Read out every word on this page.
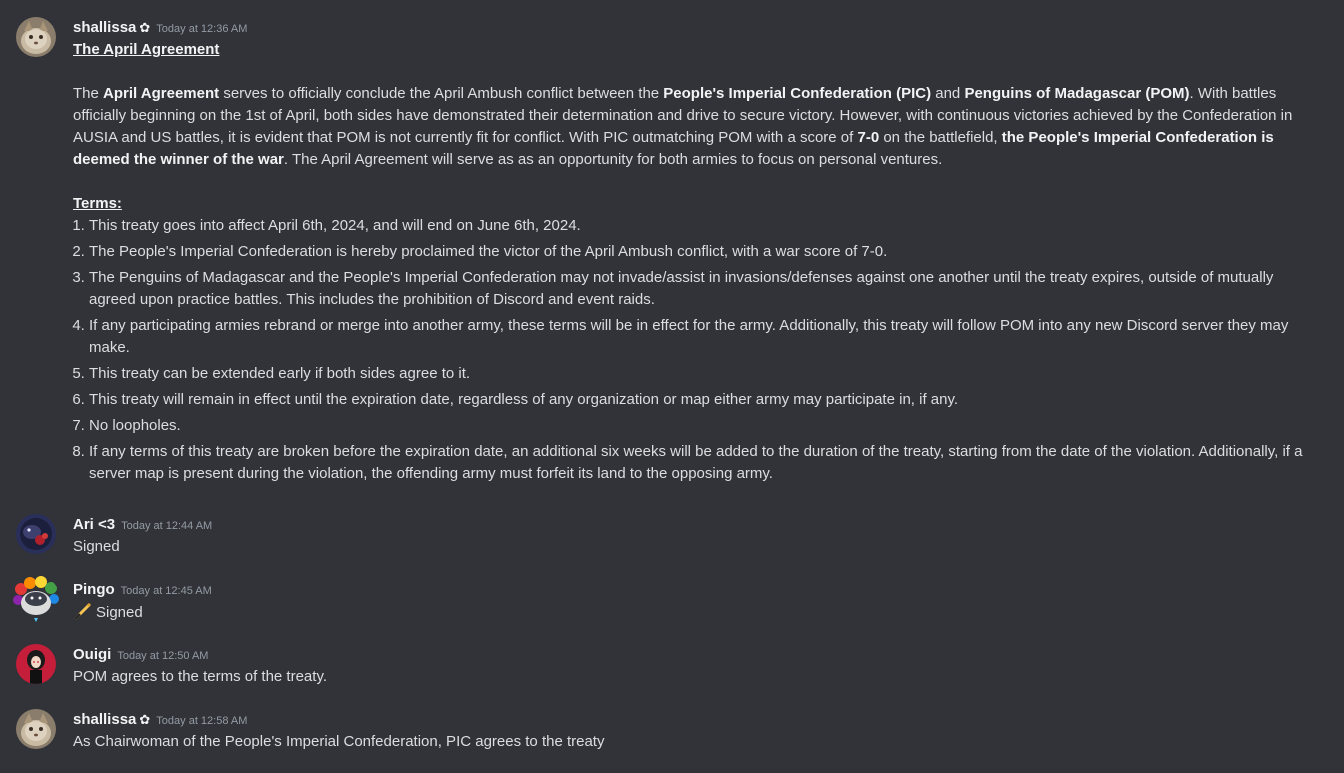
shallissa ✿ Today at 12:36 AM
The April Agreement
The April Agreement serves to officially conclude the April Ambush conflict between the People's Imperial Confederation (PIC) and Penguins of Madagascar (POM). With battles officially beginning on the 1st of April, both sides have demonstrated their determination and drive to secure victory. However, with continuous victories achieved by the Confederation in AUSIA and US battles, it is evident that POM is not currently fit for conflict. With PIC outmatching POM with a score of 7-0 on the battlefield, the People's Imperial Confederation is deemed the winner of the war. The April Agreement will serve as as an opportunity for both armies to focus on personal ventures.
Terms:
1. This treaty goes into affect April 6th, 2024, and will end on June 6th, 2024.
2. The People's Imperial Confederation is hereby proclaimed the victor of the April Ambush conflict, with a war score of 7-0.
3. The Penguins of Madagascar and the People's Imperial Confederation may not invade/assist in invasions/defenses against one another until the treaty expires, outside of mutually agreed upon practice battles. This includes the prohibition of Discord and event raids.
4. If any participating armies rebrand or merge into another army, these terms will be in effect for the army. Additionally, this treaty will follow POM into any new Discord server they may make.
5. This treaty can be extended early if both sides agree to it.
6. This treaty will remain in effect until the expiration date, regardless of any organization or map either army may participate in, if any.
7. No loopholes.
8. If any terms of this treaty are broken before the expiration date, an additional six weeks will be added to the duration of the treaty, starting from the date of the violation. Additionally, if a server map is present during the violation, the offending army must forfeit its land to the opposing army.
Ari <3 Today at 12:44 AM
Signed
Pingo Today at 12:45 AM
Signed
Ouigi Today at 12:50 AM
POM agrees to the terms of the treaty.
shallissa ✿ Today at 12:58 AM
As Chairwoman of the People's Imperial Confederation, PIC agrees to the treaty
